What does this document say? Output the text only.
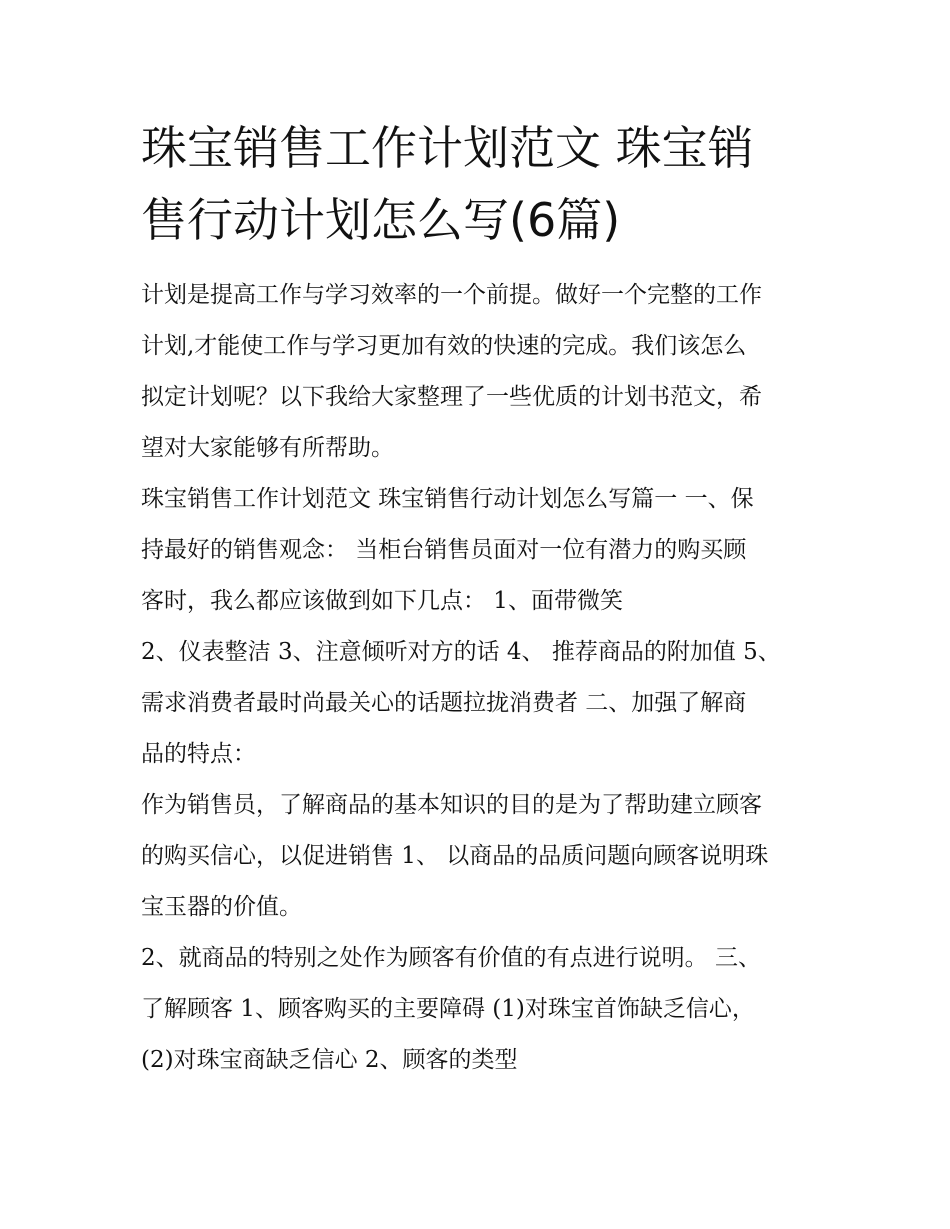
珠宝销售工作计划范文 珠宝销
售行动计划怎么写(6篇)

计划是提高工作与学习效率的一个前提。做好一个完整的工作
计划,才能使工作与学习更加有效的快速的完成。我们该怎么
拟定计划呢？以下我给大家整理了一些优质的计划书范文，希
望对大家能够有所帮助。

珠宝销售工作计划范文 珠宝销售行动计划怎么写篇一 一、保
持最好的销售观念： 当柜台销售员面对一位有潜力的购买顾
客时，我么都应该做到如下几点： 1、面带微笑

2、仪表整洁 3、注意倾听对方的话 4、 推荐商品的附加值 5、
需求消费者最时尚最关心的话题拉拢消费者 二、加强了解商
品的特点：

作为销售员，了解商品的基本知识的目的是为了帮助建立顾客
的购买信心，以促进销售 1、 以商品的品质问题向顾客说明珠
宝玉器的价值。

2、就商品的特别之处作为顾客有价值的有点进行说明。 三、
了解顾客 1、顾客购买的主要障碍 (1)对珠宝首饰缺乏信心，
(2)对珠宝商缺乏信心 2、顾客的类型
